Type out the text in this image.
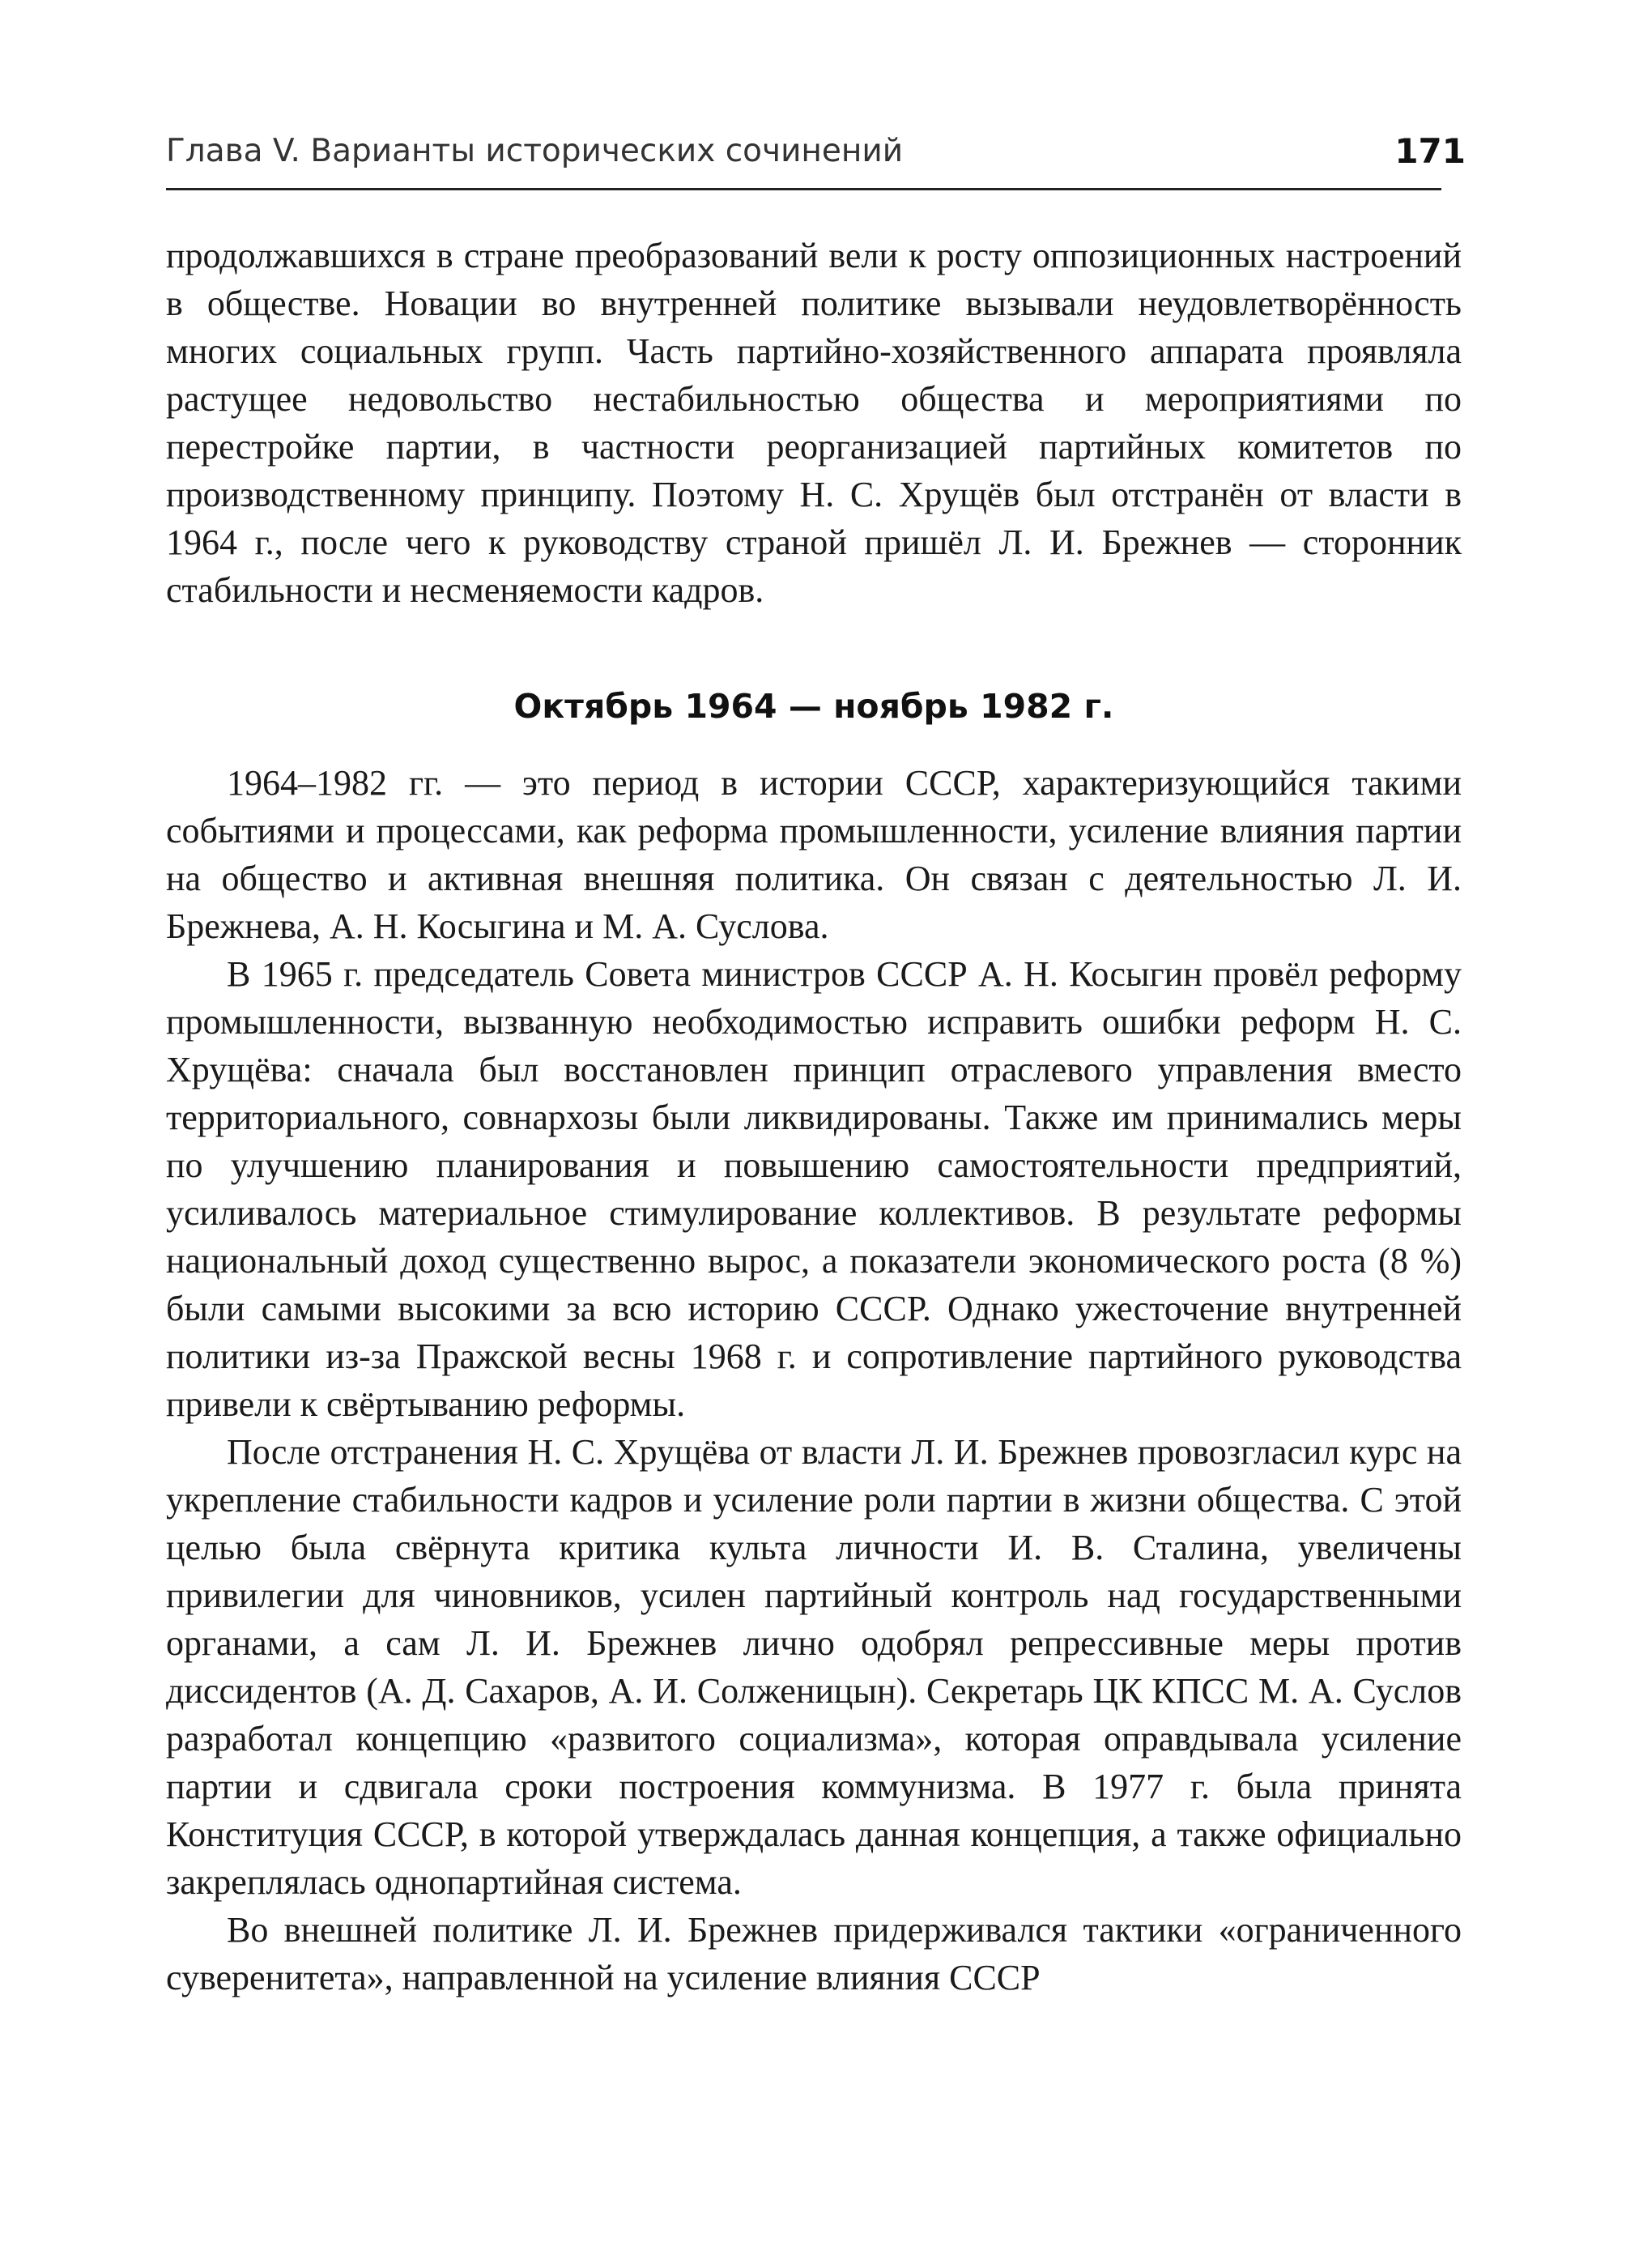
Глава V. Варианты исторических сочинений	171

продолжавшихся в стране преобразований вели к росту оппозиционных настроений в обществе. Новации во внутренней политике вызывали неудовлетворённость многих социальных групп. Часть партийно-хозяйственного аппарата проявляла растущее недовольство нестабильностью общества и мероприятиями по перестройке партии, в частности реорганизацией партийных комитетов по производственному принципу. Поэтому Н. С. Хрущёв был отстранён от власти в 1964 г., после чего к руководству страной пришёл Л. И. Брежнев — сторонник стабильности и несменяемости кадров.

Октябрь 1964 — ноябрь 1982 г.

1964–1982 гг. — это период в истории СССР, характеризующийся такими событиями и процессами, как реформа промышленности, усиление влияния партии на общество и активная внешняя политика. Он связан с деятельностью Л. И. Брежнева, А. Н. Косыгина и М. А. Суслова.

В 1965 г. председатель Совета министров СССР А. Н. Косыгин провёл реформу промышленности, вызванную необходимостью исправить ошибки реформ Н. С. Хрущёва: сначала был восстановлен принцип отраслевого управления вместо территориального, совнархозы были ликвидированы. Также им принимались меры по улучшению планирования и повышению самостоятельности предприятий, усиливалось материальное стимулирование коллективов. В результате реформы национальный доход существенно вырос, а показатели экономического роста (8 %) были самыми высокими за всю историю СССР. Однако ужесточение внутренней политики из-за Пражской весны 1968 г. и сопротивление партийного руководства привели к свёртыванию реформы.

После отстранения Н. С. Хрущёва от власти Л. И. Брежнев провозгласил курс на укрепление стабильности кадров и усиление роли партии в жизни общества. С этой целью была свёрнута критика культа личности И. В. Сталина, увеличены привилегии для чиновников, усилен партийный контроль над государственными органами, а сам Л. И. Брежнев лично одобрял репрессивные меры против диссидентов (А. Д. Сахаров, А. И. Солженицын). Секретарь ЦК КПСС М. А. Суслов разработал концепцию «развитого социализма», которая оправдывала усиление партии и сдвигала сроки построения коммунизма. В 1977 г. была принята Конституция СССР, в которой утверждалась данная концепция, а также официально закреплялась однопартийная система.

Во внешней политике Л. И. Брежнев придерживался тактики «ограниченного суверенитета», направленной на усиление влияния СССР
